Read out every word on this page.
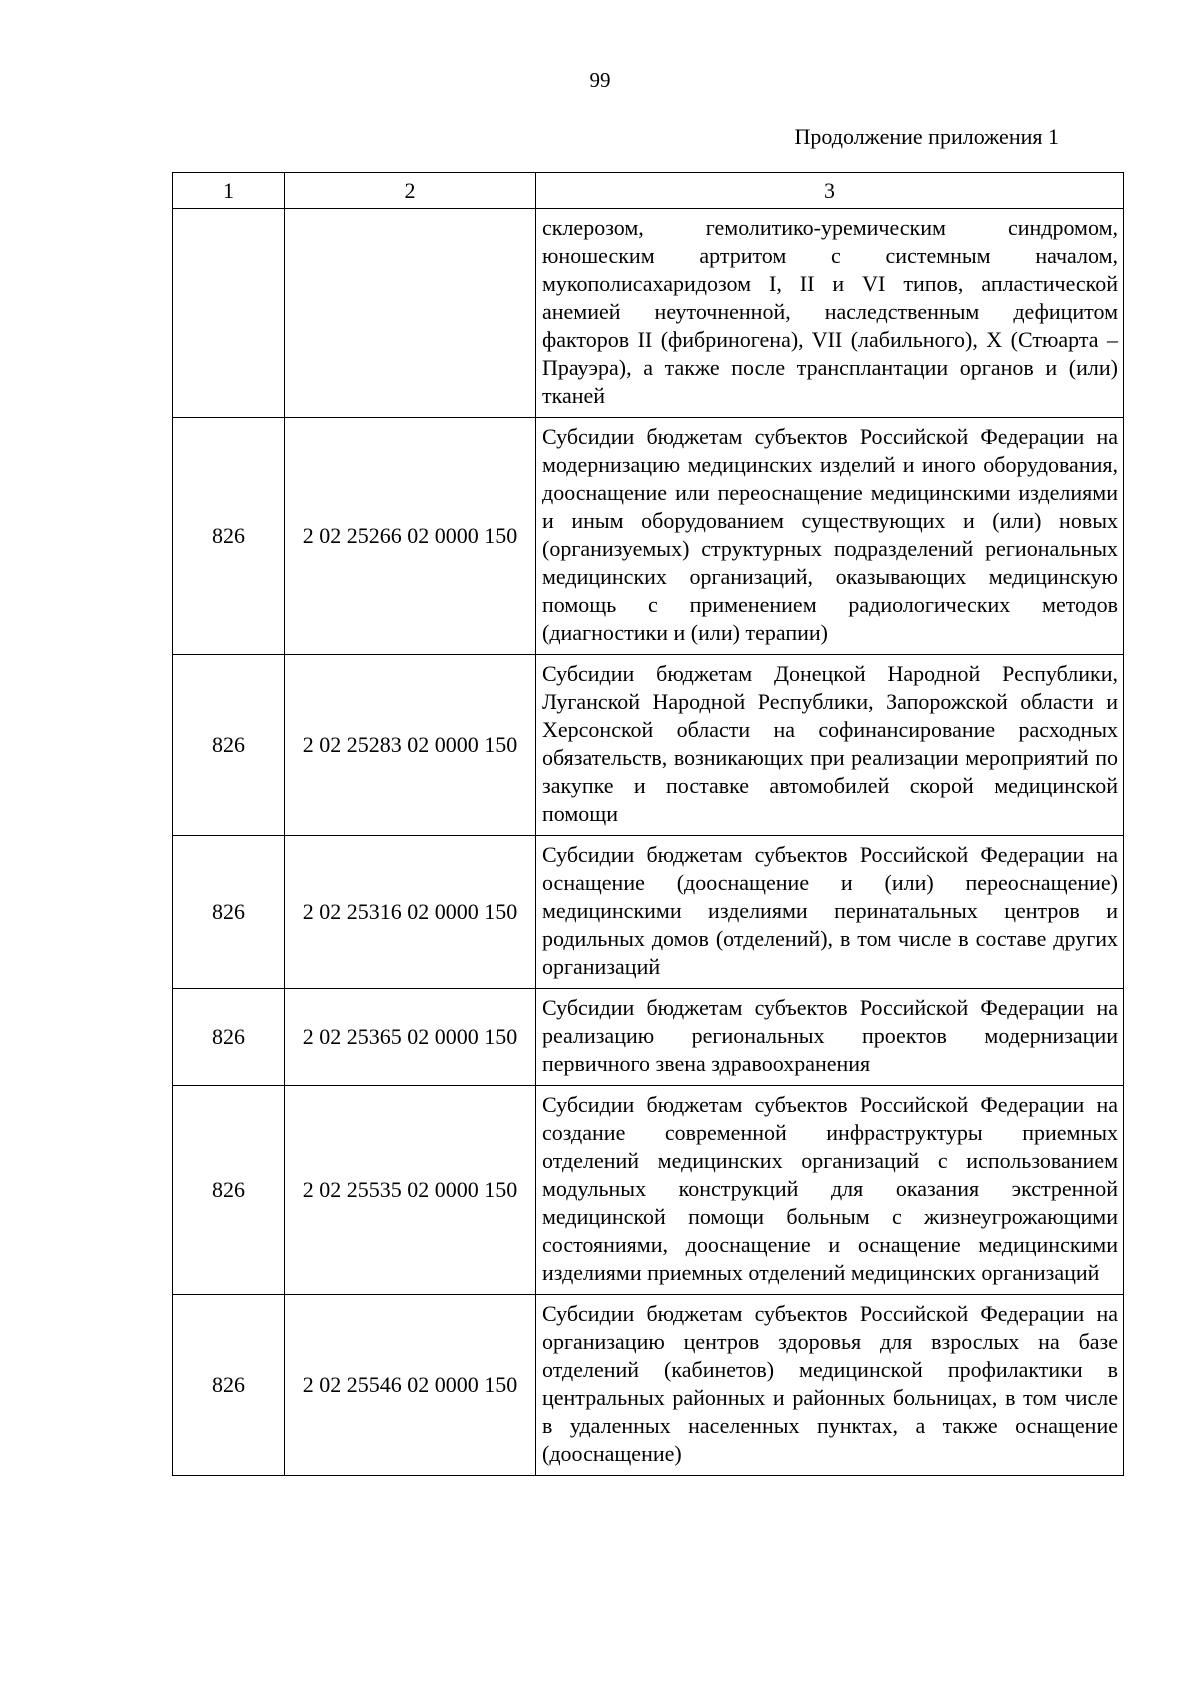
99
Продолжение приложения 1
1	2	3
		склерозом, гемолитико-уремическим синдромом, юношеским артритом с системным началом, мукополисахаридозом I, II и VI типов, апластической анемией неуточненной, наследственным дефицитом факторов II (фибриногена), VII (лабильного), X (Стюарта – Прауэра), а также после трансплантации органов и (или) тканей
826	2 02 25266 02 0000 150	Субсидии бюджетам субъектов Российской Федерации на модернизацию медицинских изделий и иного оборудования, дооснащение или переоснащение медицинскими изделиями и иным оборудованием существующих и (или) новых (организуемых) структурных подразделений региональных медицинских организаций, оказывающих медицинскую помощь с применением радиологических методов (диагностики и (или) терапии)
826	2 02 25283 02 0000 150	Субсидии бюджетам Донецкой Народной Республики, Луганской Народной Республики, Запорожской области и Херсонской области на софинансирование расходных обязательств, возникающих при реализации мероприятий по закупке и поставке автомобилей скорой медицинской помощи
826	2 02 25316 02 0000 150	Субсидии бюджетам субъектов Российской Федерации на оснащение (дооснащение и (или) переоснащение) медицинскими изделиями перинатальных центров и родильных домов (отделений), в том числе в составе других организаций
826	2 02 25365 02 0000 150	Субсидии бюджетам субъектов Российской Федерации на реализацию региональных проектов модернизации первичного звена здравоохранения
826	2 02 25535 02 0000 150	Субсидии бюджетам субъектов Российской Федерации на создание современной инфраструктуры приемных отделений медицинских организаций с использованием модульных конструкций для оказания экстренной медицинской помощи больным с жизнеугрожающими состояниями, дооснащение и оснащение медицинскими изделиями приемных отделений медицинских организаций
826	2 02 25546 02 0000 150	Субсидии бюджетам субъектов Российской Федерации на организацию центров здоровья для взрослых на базе отделений (кабинетов) медицинской профилактики в центральных районных и районных больницах, в том числе в удаленных населенных пунктах, а также оснащение (дооснащение)
